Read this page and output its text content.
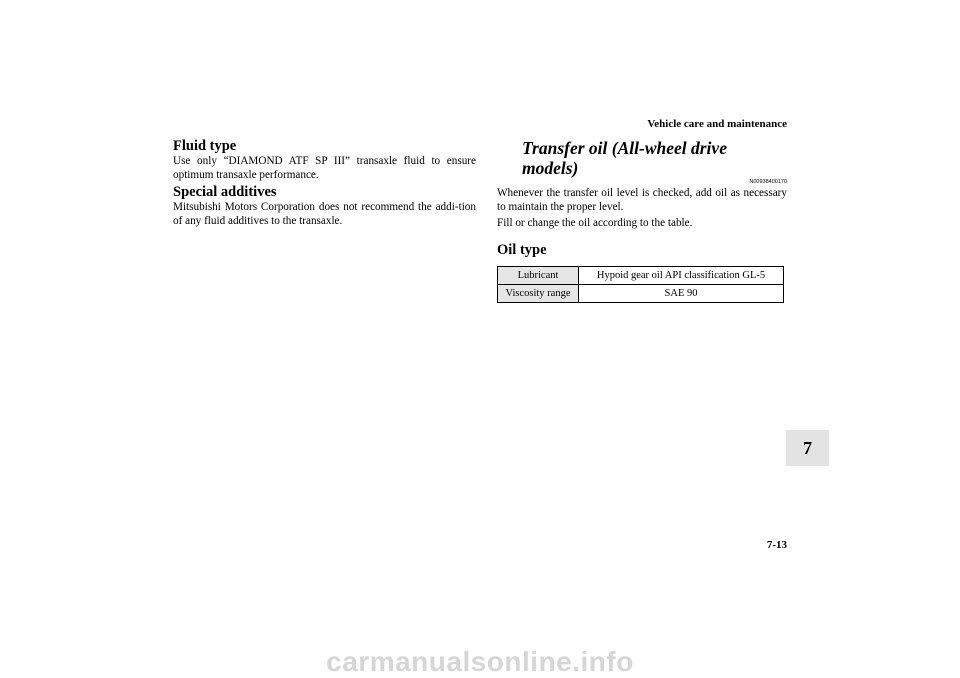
Vehicle care and maintenance
Fluid type

Use only “DIAMOND ATF SP III” transaxle fluid to ensure optimum transaxle performance.

Special additives

Mitsubishi Motors Corporation does not recommend the addi-tion of any fluid additives to the transaxle.

Transfer oil (All-wheel drive models)
N00938400170

Whenever the transfer oil level is checked, add oil as necessary to maintain the proper level.

Fill or change the oil according to the table.

Oil type
Lubricant	Hypoid gear oil API classification GL-5
Viscosity range	SAE 90
7
7-13
carmanualsonline.info
